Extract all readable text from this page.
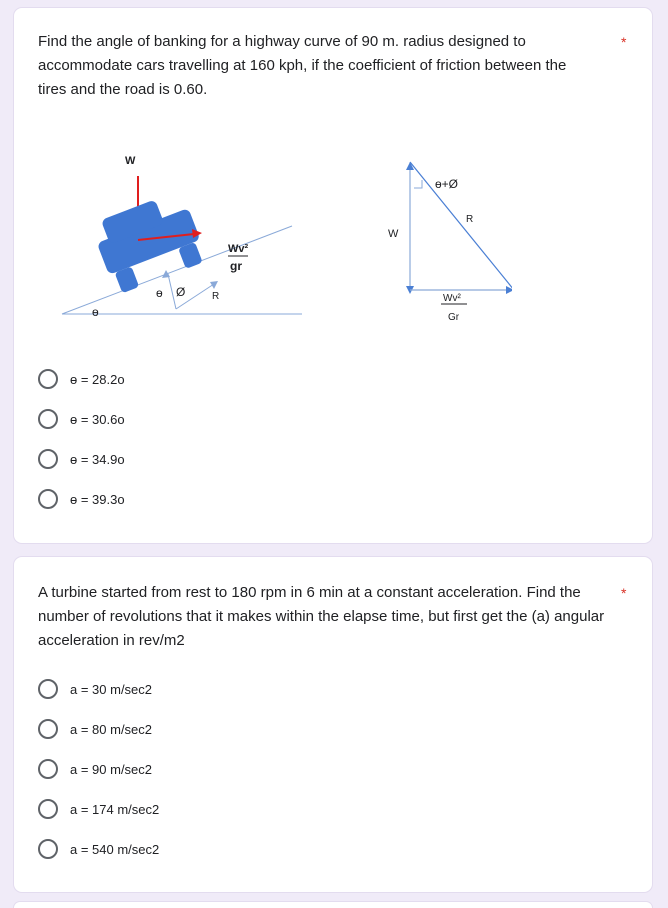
Find the angle of banking for a highway curve of 90 m. radius designed to accommodate cars travelling at 160 kph, if the coefficient of friction between the tires and the road is 0.60.
*
W
Wv²
gr
ɵ Ø	R
ɵ
ɵ+Ø
R
W
Wv²
Gr
ɵ = 28.2o
ɵ = 30.6o
ɵ = 34.9o
ɵ = 39.3o
A turbine started from rest to 180 rpm in 6 min at a constant acceleration. Find the number of revolutions that it makes within the elapse time, but first get the (a) angular acceleration in rev/m2
*
a = 30 m/sec2
a = 80 m/sec2
a = 90 m/sec2
a = 174 m/sec2
a = 540 m/sec2
